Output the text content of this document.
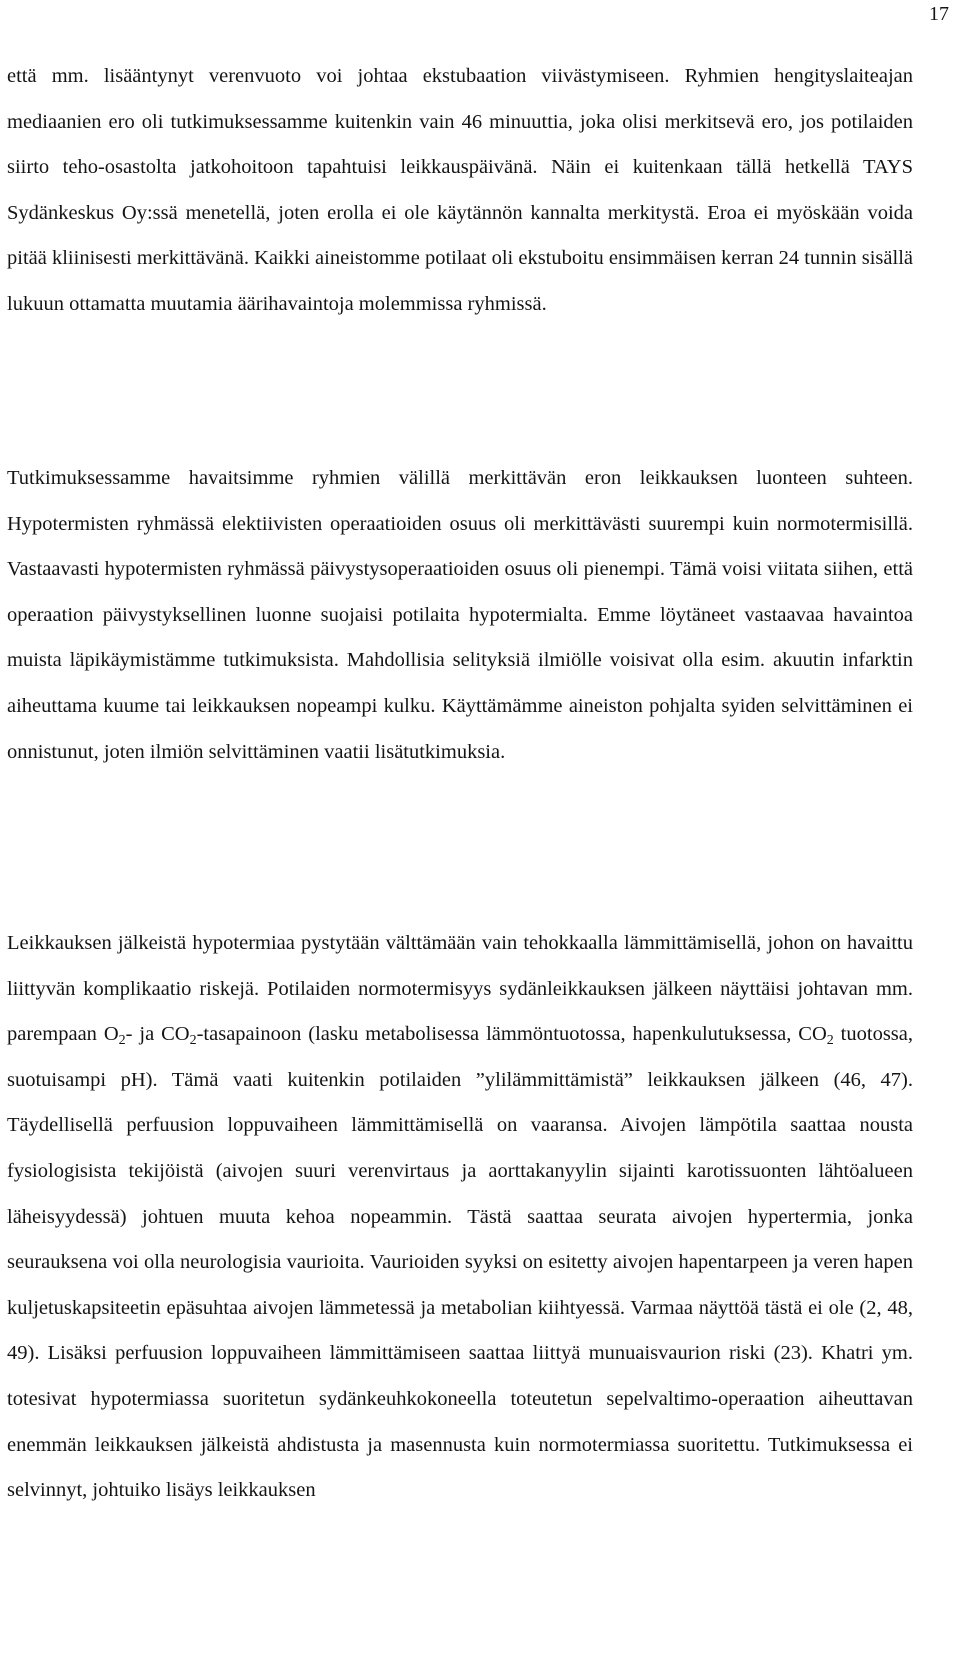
17

että mm. lisääntynyt verenvuoto voi johtaa ekstubaation viivästymiseen. Ryhmien hengityslaiteajan mediaanien ero oli tutkimuksessamme kuitenkin vain 46 minuuttia, joka olisi merkitsevä ero, jos potilaiden siirto teho-osastolta jatkohoitoon tapahtuisi leikkauspäivänä. Näin ei kuitenkaan tällä hetkellä TAYS Sydänkeskus Oy:ssä menetellä, joten erolla ei ole käytännön kannalta merkitystä. Eroa ei myöskään voida pitää kliinisesti merkittävänä. Kaikki aineistomme potilaat oli ekstuboitu ensimmäisen kerran 24 tunnin sisällä lukuun ottamatta muutamia äärihavaintoja molemmissa ryhmissä.

Tutkimuksessamme havaitsimme ryhmien välillä merkittävän eron leikkauksen luonteen suhteen. Hypotermisten ryhmässä elektiivisten operaatioiden osuus oli merkittävästi suurempi kuin normotermisillä. Vastaavasti hypotermisten ryhmässä päivystysoperaatioiden osuus oli pienempi. Tämä voisi viitata siihen, että operaation päivystyksellinen luonne suojaisi potilaita hypotermialta. Emme löytäneet vastaavaa havaintoa muista läpikäymistämme tutkimuksista. Mahdollisia selityksiä ilmiölle voisivat olla esim. akuutin infarktin aiheuttama kuume tai leikkauksen nopeampi kulku. Käyttämämme aineiston pohjalta syiden selvittäminen ei onnistunut, joten ilmiön selvittäminen vaatii lisätutkimuksia.

Leikkauksen jälkeistä hypotermiaa pystytään välttämään vain tehokkaalla lämmittämisellä, johon on havaittu liittyvän komplikaatio riskejä. Potilaiden normotermisyys sydänleikkauksen jälkeen näyttäisi johtavan mm. parempaan $O_2-$ ja $CO_2$-tasapainoon (lasku metabolisessa lämmöntuotossa, hapenkulutuksessa, $CO_2$ tuotossa, suotuisampi pH). Tämä vaati kuitenkin potilaiden ”ylilämmittämistä” leikkauksen jälkeen (46, 47). Täydellisellä perfuusion loppuvaiheen lämmittämisellä on vaaransa. Aivojen lämpötila saattaa nousta fysiologisista tekijöistä (aivojen suuri verenvirtaus ja aorttakanyylin sijainti karotissuonten lähtöalueen läheisyydessä) johtuen muuta kehoa nopeammin. Tästä saattaa seurata aivojen hypertermia, jonka seurauksena voi olla neurologisia vaurioita. Vaurioiden syyksi on esitetty aivojen hapentarpeen ja veren hapen kuljetuskapsiteetin epäsuhtaa aivojen lämmetessä ja metabolian kiihtyessä. Varmaa näyttöä tästä ei ole (2, 48, 49). Lisäksi perfuusion loppuvaiheen lämmittämiseen saattaa liittyä munuaisvaurion riski (23). Khatri ym. totesivat hypotermiassa suoritetun sydänkeuhkokoneella toteutetun sepelvaltimo-operaation aiheuttavan enemmän leikkauksen jälkeistä ahdistusta ja masennusta kuin normotermiassa suoritettu. Tutkimuksessa ei selvinnyt, johtuiko lisäys leikkauksen
